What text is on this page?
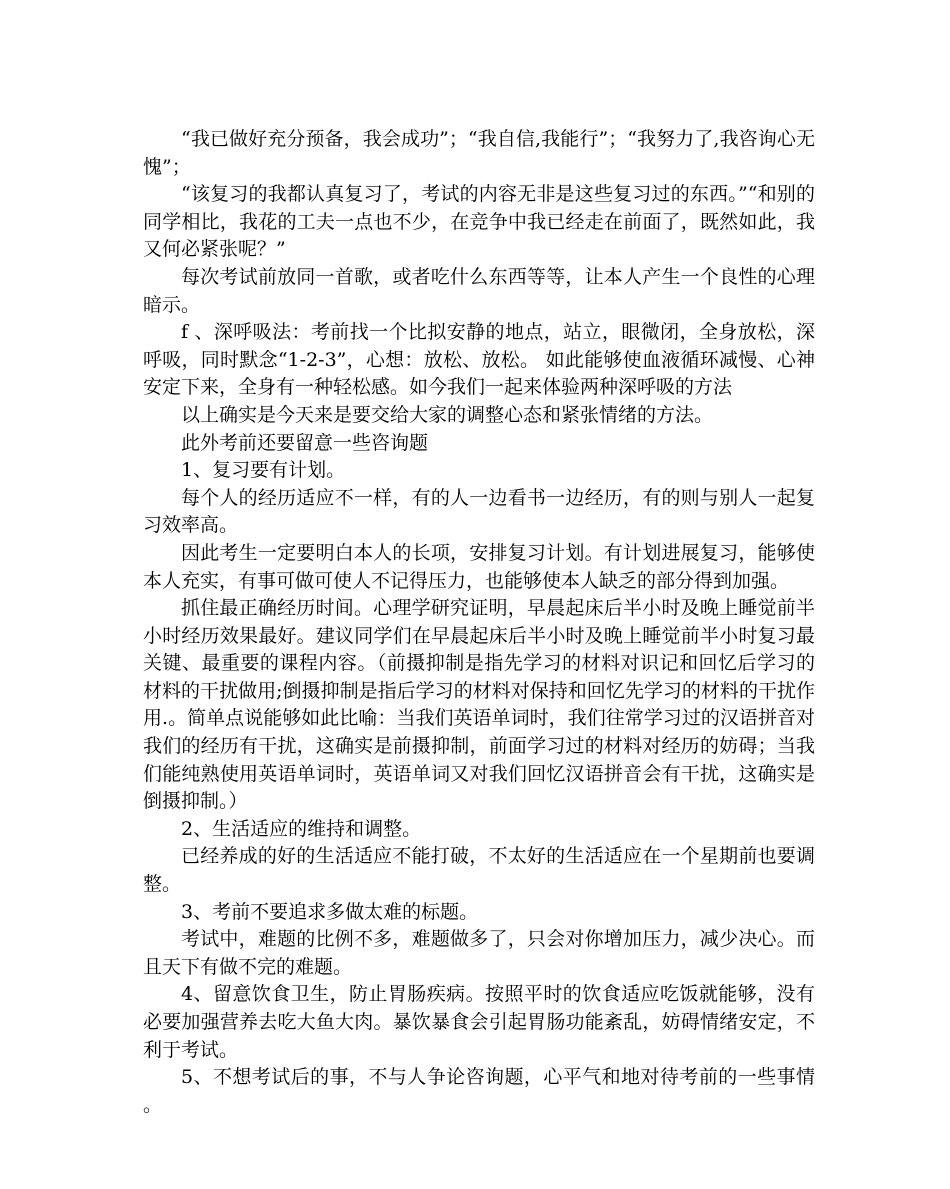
“我已做好充分预备，我会成功”；“我自信,我能行”；“我努力了,我咨询心无愧”；

“该复习的我都认真复习了，考试的内容无非是这些复习过的东西。”“和别的同学相比，我花的工夫一点也不少，在竞争中我已经走在前面了，既然如此，我又何必紧张呢？”

每次考试前放同一首歌，或者吃什么东西等等，让本人产生一个良性的心理暗示。

f 、深呼吸法：考前找一个比拟安静的地点，站立，眼微闭，全身放松，深呼吸，同时默念“1-2-3”，心想：放松、放松。 如此能够使血液循环减慢、心神安定下来，全身有一种轻松感。如今我们一起来体验两种深呼吸的方法

以上确实是今天来是要交给大家的调整心态和紧张情绪的方法。

此外考前还要留意一些咨询题

1、复习要有计划。

每个人的经历适应不一样，有的人一边看书一边经历，有的则与别人一起复习效率高。

因此考生一定要明白本人的长项，安排复习计划。有计划进展复习，能够使本人充实，有事可做可使人不记得压力，也能够使本人缺乏的部分得到加强。

抓住最正确经历时间。心理学研究证明，早晨起床后半小时及晚上睡觉前半小时经历效果最好。建议同学们在早晨起床后半小时及晚上睡觉前半小时复习最关键、最重要的课程内容。（前摄抑制是指先学习的材料对识记和回忆后学习的材料的干扰做用;倒摄抑制是指后学习的材料对保持和回忆先学习的材料的干扰作用.。简单点说能够如此比喻：当我们英语单词时，我们往常学习过的汉语拼音对我们的经历有干扰，这确实是前摄抑制，前面学习过的材料对经历的妨碍；当我们能纯熟使用英语单词时，英语单词又对我们回忆汉语拼音会有干扰，这确实是倒摄抑制。）

2、生活适应的维持和调整。

已经养成的好的生活适应不能打破，不太好的生活适应在一个星期前也要调整。

3、考前不要追求多做太难的标题。

考试中，难题的比例不多，难题做多了，只会对你增加压力，减少决心。而且天下有做不完的难题。

4、留意饮食卫生，防止胃肠疾病。按照平时的饮食适应吃饭就能够，没有必要加强营养去吃大鱼大肉。暴饮暴食会引起胃肠功能紊乱，妨碍情绪安定，不利于考试。

5、不想考试后的事，不与人争论咨询题，心平气和地对待考前的一些事情。
